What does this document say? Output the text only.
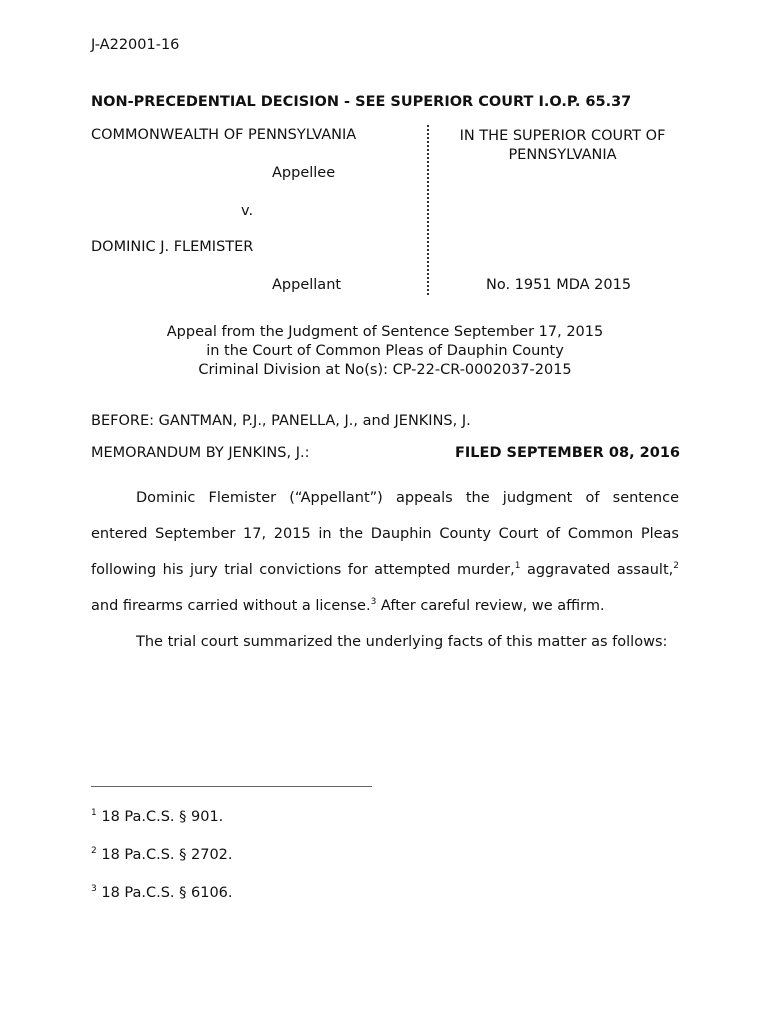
J-A22001-16
NON-PRECEDENTIAL DECISION - SEE SUPERIOR COURT I.O.P. 65.37
COMMONWEALTH OF PENNSYLVANIA
Appellee
v.
DOMINIC J. FLEMISTER
Appellant
IN THE SUPERIOR COURT OF
PENNSYLVANIA
No. 1951 MDA 2015
Appeal from the Judgment of Sentence September 17, 2015
in the Court of Common Pleas of Dauphin County
Criminal Division at No(s): CP-22-CR-0002037-2015
BEFORE: GANTMAN, P.J., PANELLA, J., and JENKINS, J.
MEMORANDUM BY JENKINS, J.:	FILED SEPTEMBER 08, 2016

Dominic Flemister (“Appellant”) appeals the judgment of sentence entered September 17, 2015 in the Dauphin County Court of Common Pleas following his jury trial convictions for attempted murder,$^1$ aggravated assault,$^2$ and firearms carried without a license.$^3$ After careful review, we affirm.

The trial court summarized the underlying facts of this matter as follows:

$^1$ 18 Pa.C.S. § 901.
$^2$ 18 Pa.C.S. § 2702.
$^3$ 18 Pa.C.S. § 6106.
